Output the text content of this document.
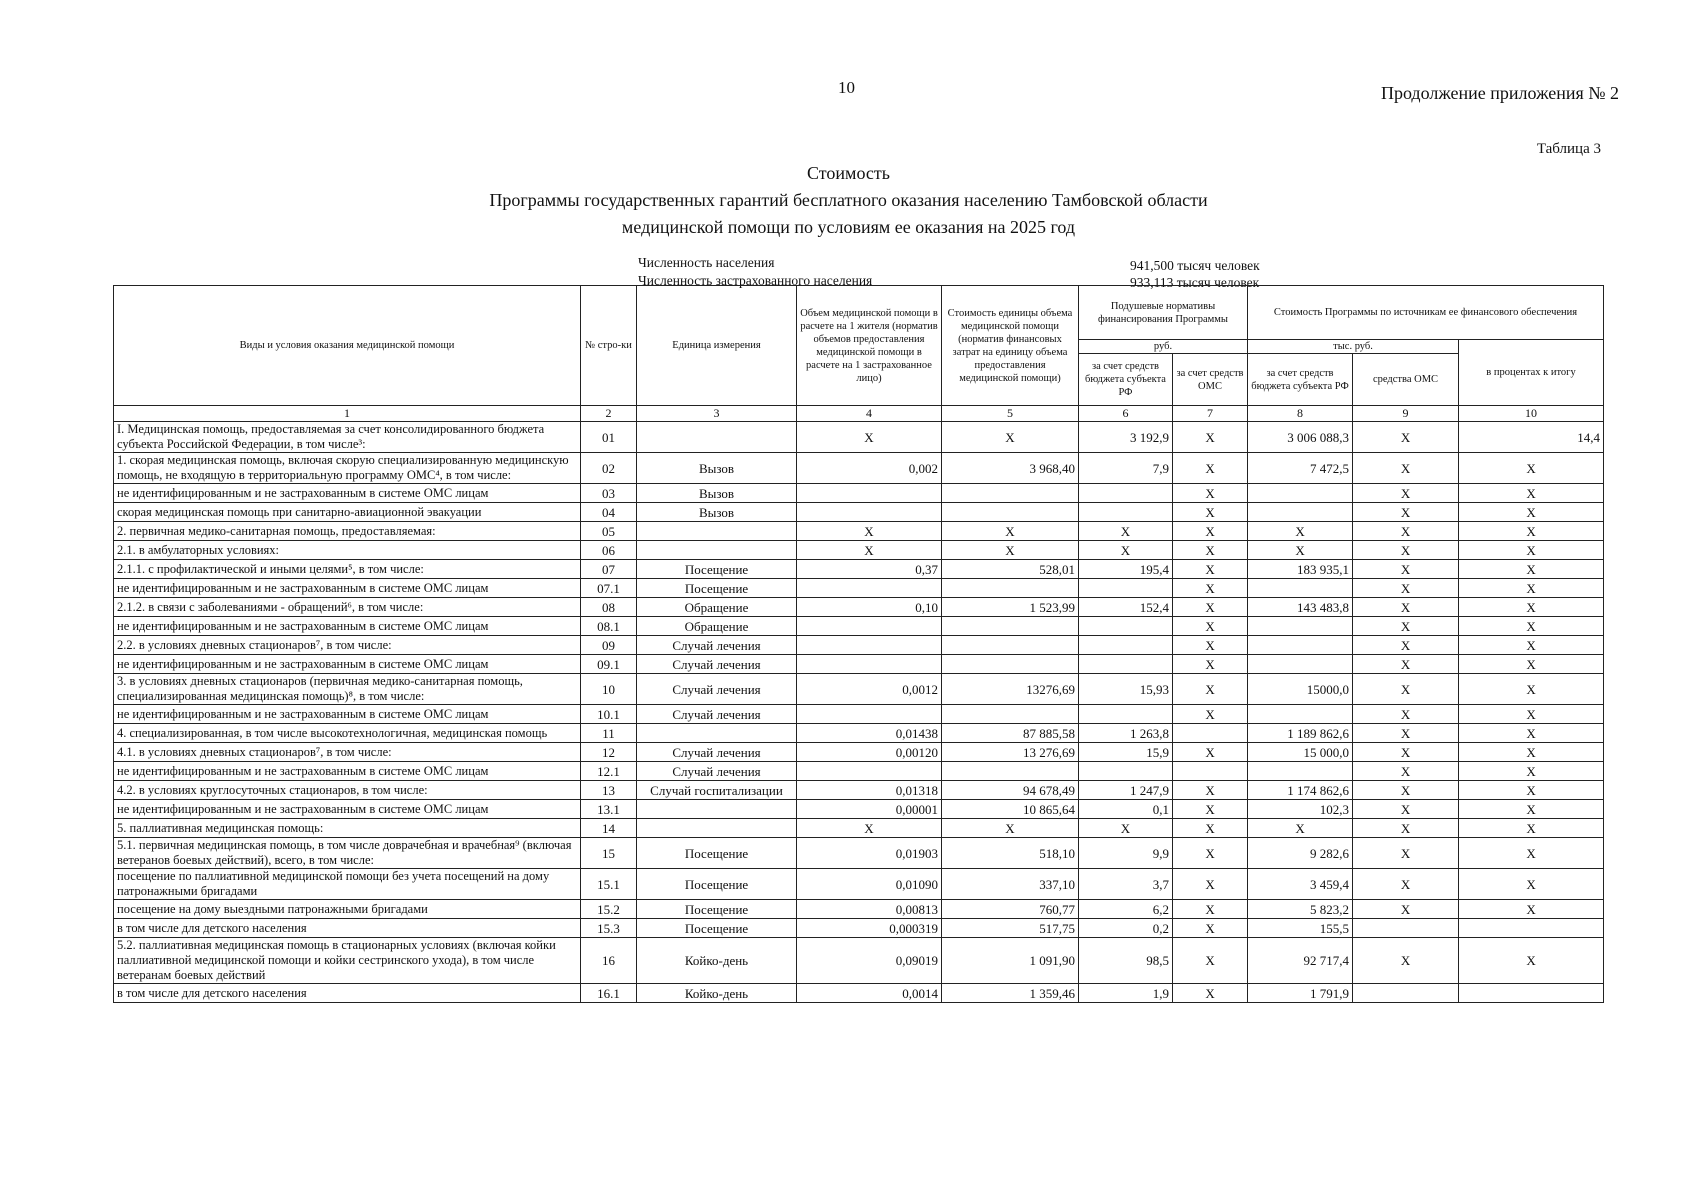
10	Продолжение приложения № 2
Таблица 3
Стоимость
Программы государственных гарантий бесплатного оказания населению Тамбовской области
медицинской помощи по условиям ее оказания на 2025 год
Численность населения	941,500 тысяч человек
Численность застрахованного населения	933,113 тысяч человек
Виды и условия оказания медицинской помощи	№ стро-ки	Единица измерения	Объем медицинской помощи в расчете на 1 жителя (норматив объемов предоставления медицинской помощи в расчете на 1 застрахованное лицо)	Стоимость единицы объема медицинской помощи (норматив финансовых затрат на единицу объема предоставления медицинской помощи)	Подушевые нормативы финансирования Программы		Стоимость Программы по источникам ее финансового обеспечения		
					руб.		тыс. руб.		в процентах к итогу
					за счет средств бюджета субъекта РФ	за счет средств ОМС	за счет средств бюджета субъекта РФ	средства ОМС	
1	2	3	4	5	6	7	8	9	10
I. Медицинская помощь, предоставляемая за счет консолидированного бюджета субъекта Российской Федерации, в том числе³:	01		X	X	3 192,9	X	3 006 088,3	X	14,4
1. скорая медицинская помощь, включая скорую специализированную медицинскую помощь, не входящую в территориальную программу ОМС⁴, в том числе:	02	Вызов	0,002	3 968,40	7,9	X	7 472,5	X	X
не идентифицированным и не застрахованным в системе ОМС лицам	03	Вызов				X		X	X
скорая медицинская помощь при санитарно-авиационной эвакуации	04	Вызов				X		X	X
2. первичная медико-санитарная помощь, предоставляемая:	05		X	X	X	X	X	X	X
2.1. в амбулаторных условиях:	06		X	X	X	X	X	X	X
2.1.1. с профилактической и иными целями⁵, в том числе:	07	Посещение	0,37	528,01	195,4	X	183 935,1	X	X
не идентифицированным и не застрахованным в системе ОМС лицам	07.1	Посещение				X		X	X
2.1.2. в связи с заболеваниями - обращений⁶, в том числе:	08	Обращение	0,10	1 523,99	152,4	X	143 483,8	X	X
не идентифицированным и не застрахованным в системе ОМС лицам	08.1	Обращение				X		X	X
2.2. в условиях дневных стационаров⁷, в том числе:	09	Случай лечения				X		X	X
не идентифицированным и не застрахованным в системе ОМС лицам	09.1	Случай лечения				X		X	X
3. в условиях дневных стационаров (первичная медико-санитарная помощь, специализированная медицинская помощь)⁸, в том числе:	10	Случай лечения	0,0012	13276,69	15,93	X	15000,0	X	X
не идентифицированным и не застрахованным в системе ОМС лицам	10.1	Случай лечения				X		X	X
4. специализированная, в том числе высокотехнологичная, медицинская помощь	11		0,01438	87 885,58	1 263,8		1 189 862,6	X	X
4.1. в условиях дневных стационаров⁷, в том числе:	12	Случай лечения	0,00120	13 276,69	15,9	X	15 000,0	X	X
не идентифицированным и не застрахованным в системе ОМС лицам	12.1	Случай лечения						X	X
4.2. в условиях круглосуточных стационаров, в том числе:	13	Случай госпитализации	0,01318	94 678,49	1 247,9	X	1 174 862,6	X	X
не идентифицированным и не застрахованным в системе ОМС лицам	13.1		0,00001	10 865,64	0,1	X	102,3	X	X
5. паллиативная медицинская помощь:	14		X	X	X	X	X	X	X
5.1. первичная медицинская помощь, в том числе доврачебная и врачебная⁹ (включая ветеранов боевых действий), всего, в том числе:	15	Посещение	0,01903	518,10	9,9	X	9 282,6	X	X
посещение по паллиативной медицинской помощи без учета посещений на дому патронажными бригадами	15.1	Посещение	0,01090	337,10	3,7	X	3 459,4	X	X
посещение на дому выездными патронажными бригадами	15.2	Посещение	0,00813	760,77	6,2	X	5 823,2	X	X
в том числе для детского населения	15.3	Посещение	0,000319	517,75	0,2	X	155,5		
5.2. паллиативная медицинская помощь в стационарных условиях (включая койки паллиативной медицинской помощи и койки сестринского ухода), в том числе ветеранам боевых действий	16	Койко-день	0,09019	1 091,90	98,5	X	92 717,4	X	X
в том числе для детского населения	16.1	Койко-день	0,0014	1 359,46	1,9	X	1 791,9		
